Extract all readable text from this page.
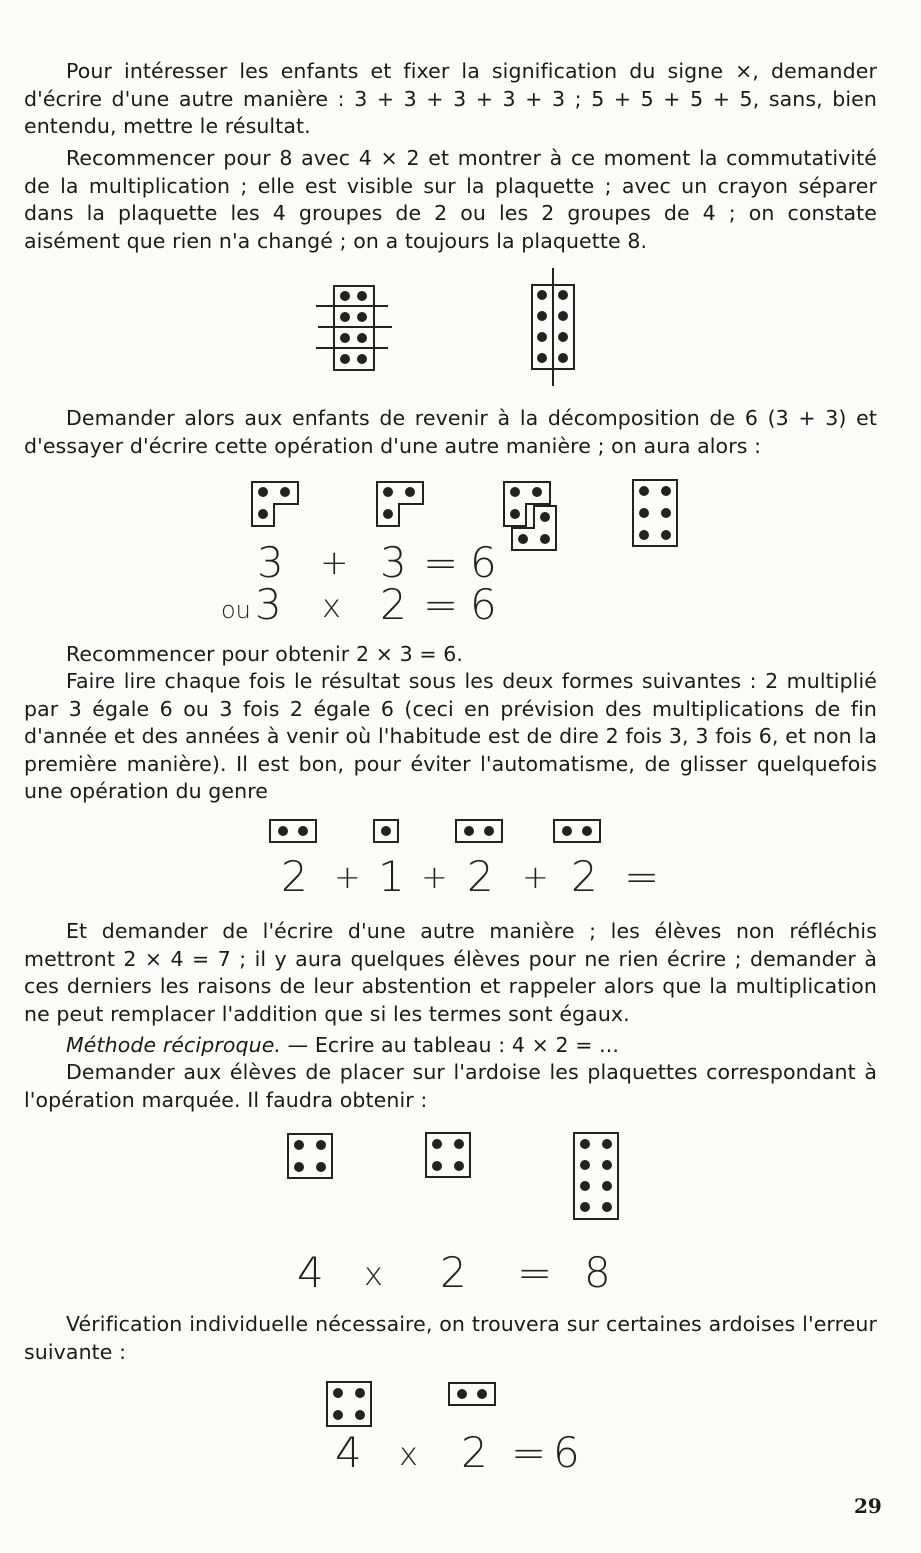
Pour intéresser les enfants et fixer la signification du signe ×, demander d'écrire d'une autre manière : 3 + 3 + 3 + 3 + 3 ; 5 + 5 + 5 + 5, sans, bien entendu, mettre le résultat.

Recommencer pour 8 avec 4 × 2 et montrer à ce moment la commutativité de la multiplication ; elle est visible sur la plaquette ; avec un crayon séparer dans la plaquette les 4 groupes de 2 ou les 2 groupes de 4 ; on constate aisément que rien n'a changé ; on a toujours la plaquette 8.

Demander alors aux enfants de revenir à la décomposition de 6 (3 + 3) et d'essayer d'écrire cette opération d'une autre manière ; on aura alors :

3 + 3 = 6
ou 3 x 2 = 6

Recommencer pour obtenir 2 × 3 = 6.

Faire lire chaque fois le résultat sous les deux formes suivantes : 2 multiplié par 3 égale 6 ou 3 fois 2 égale 6 (ceci en prévision des multiplications de fin d'année et des années à venir où l'habitude est de dire 2 fois 3, 3 fois 6, et non la première manière). Il est bon, pour éviter l'automatisme, de glisser quelquefois une opération du genre

2 + 1 + 2 + 2 =

Et demander de l'écrire d'une autre manière ; les élèves non réfléchis mettront 2 × 4 = 7 ; il y aura quelques élèves pour ne rien écrire ; demander à ces derniers les raisons de leur abstention et rappeler alors que la multiplication ne peut remplacer l'addition que si les termes sont égaux.

Méthode réciproque. — Ecrire au tableau : 4 × 2 = ...

Demander aux élèves de placer sur l'ardoise les plaquettes correspondant à l'opération marquée. Il faudra obtenir :

4 x 2 = 8

Vérification individuelle nécessaire, on trouvera sur certaines ardoises l'erreur suivante :

4 x 2 = 6
29
